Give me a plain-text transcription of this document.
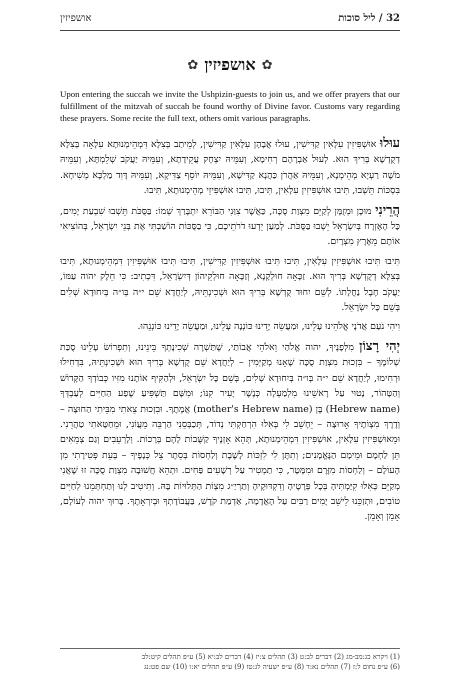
אושפיזין	32 / ליל סוכות
✿ אושפיזין ✿
Upon entering the succah we invite the Ushpizin-guests to join us, and we offer prayers that our fulfillment of the mitzvah of succah be found worthy of Divine favor. Customs vary regarding these prayers. Some recite the full text, others omit various paragraphs.

עוּלוּ אוּשְׁפִּיזִין עִלָּאִין קַדִּישִׁין, עוּלוּ אֲבָהָן עִלָּאִין קַדִּישִׁין, לְמֵיתַב בְּצִלָּא דִּמְהֵימְנוּתָא עִלָּאָה בְּצִלָּא דְקֻדְשָׁא בְּרִיךְ הוּא. לְעוּל אַבְרָהָם רְחִימָא, וְעִמֵּיהּ יִצְחָק עֲקֵידָתָא, וְעִמֵּיהּ יַעֲקֹב שְׁלֵמְתָּא, וְעִמֵּיהּ מֹשֶׁה רַעְיָא מְהֵימְנָא, וְעִמֵּיהּ אַהֲרֹן כַּהֲנָא קַדִּישָׁא, וְעִמֵּיהּ יוֹסֵף צַדִּיקָא, וְעִמֵּיהּ דָּוִד מַלְכָּא מְשִׁיחָא. בִּסְכּוֹת תֵּשְׁבוּ, תִּיבוּ אוּשְׁפִּיזִין עִלָּאִין, תִּיבוּ, תִּיבוּ אוּשְׁפִּיזֵי מְהֵימְנוּתָא, תִּיבוּ.

הֲרֵינִי מוּכָן וּמְזֻמָּן לְקַיֵּם מִצְוַת סֻכָּה, כַּאֲשֶׁר צִוַּנִי הַבּוֹרֵא יִתְבָּרַךְ שְׁמוֹ: בַּסֻּכֹּת תֵּשְׁבוּ שִׁבְעַת יָמִים, כָּל הָאֶזְרָח בְּיִשְׂרָאֵל יֵשְׁבוּ בַּסֻּכֹּת. לְמַעַן יֵדְעוּ דֹרֹתֵיכֶם, כִּי בַסֻּכּוֹת הוֹשַׁבְתִּי אֶת בְּנֵי יִשְׂרָאֵל, בְּהוֹצִיאִי אוֹתָם מֵאֶרֶץ מִצְרָיִם.

תִּיבוּ תִּיבוּ אוּשְׁפִּיזִין עִלָּאִין, תִּיבוּ תִּיבוּ אוּשְׁפִּיזִין קַדִּישִׁין, תִּיבוּ תִּיבוּ אוּשְׁפִּיזִין דִּמְהֵימְנוּתָא, תִּיבוּ בְּצִלָּא דְקֻדְשָׁא בְּרִיךְ הוּא. זַכָּאָה חוּלְקָנָא, וְזַכָּאָה חוּלְקֵיהוֹן דְּיִשְׂרָאֵל, דִּכְתִיב: כִּי חֵלֶק יהוה עַמּוֹ, יַעֲקֹב חֶבֶל נַחֲלָתוֹ. לְשֵׁם יִחוּד קֻדְשָׁא בְּרִיךְ הוּא וּשְׁכִינְתֵּיהּ, לְיַחֲדָא שֵׁם י״ה בְּו״ה בְּיִחוּדָא שְׁלִים בְּשֵׁם כָּל יִשְׂרָאֵל.

וִיהִי נֹעַם אֲדֹנָי אֱלֹהֵינוּ עָלֵינוּ, וּמַעֲשֵׂה יָדֵינוּ כּוֹנְנָה עָלֵינוּ, וּמַעֲשֵׂה יָדֵינוּ כּוֹנְנֵהוּ.

יְהִי רָצוֹן מִלְּפָנֶיךָ, יהוה אֱלֹהַי וֵאלֹהֵי אֲבוֹתַי, שֶׁתַּשְׁרֶה שְׁכִינָתְךָ בֵּינֵינוּ, וְתִפְרוֹשׂ עָלֵינוּ סֻכַּת שְׁלוֹמֶךָ – בִּזְכוּת מִצְוַת סֻכָּה שֶׁאָנוּ מְקַיְּמִין – לְיַחֲדָא שֵׁם קֻדְשָׁא בְּרִיךְ הוּא וּשְׁכִינְתֵּיהּ, בִּדְחִילוּ וּרְחִימוּ, לְיַחֲדָא שֵׁם י״ה בְּו״ה בְּיִחוּדָא שְׁלִים, בְּשֵׁם כָּל יִשְׂרָאֵל, וּלְהַקִּיף אוֹתָנוּ מִזִּיו כְּבוֹדְךָ הַקָּדוֹשׁ וְהַטָּהוֹר, נָטוּי עַל רָאשֵׁינוּ מִלְמַעְלָה כְּנֶשֶׁר יָעִיר קִנּוֹ; וּמִשָּׁם תַּשְׁפִּיעַ שֶׁפַע הַחַיִּים לְעַבְדְּךָ (Hebrew name) בֶּן (mother's Hebrew name) אֲמָתֶךָ. וּבִזְכוּת צֵאתִי מִבֵּיתִי הַחוּצָה – וְדֶרֶךְ מִצְוֹתֶיךָ אָרוּצָה – יֵחָשֵׁב לִי בְּאִלּוּ הִרְחַקְתִּי נְדוֹד, תְּכַבְּסֵנִי הַרְבֵּה מֵעֲוֹנִי, וּמֵחַטָּאתִי טַהֲרֵנִי. וּמֵאוּשְׁפִּיזִין עִלָּאִין, אוּשְׁפִּיזִין דִּמְהֵימְנוּתָא, תְּהֵא אָזְנֶיךָ קַשֻּׁבוֹת לָהֶם בְּרָכוֹת. וְלָרְעֵבִים וְגַם צְמֵאִים תֵּן לַחְמָם וּמֵימָם הַנֶּאֱמָנִים; וְתִתֶּן לִי לִזְכּוֹת לָשֶׁבֶת וְלַחְסוֹת בְּסֵתֶר צֵל כְּנָפֶיךָ – בְּעֵת פְּטִירָתִי מִן הָעוֹלָם – וְלַחְסוֹת מִזֶּרֶם וּמִמָּטָר, כִּי תַמְטִיר עַל רְשָׁעִים פַּחִים. וּתְהֵא חֲשׁוּבָה מִצְוַת סֻכָּה זוּ שֶׁאֲנִי מְקַיֵּם כְּאִלּוּ קִיַּמְתִּיהָ בְּכָל פְּרָטֶיהָ וְדִקְדּוּקֶיהָ וְתַרְיַ״ג מִצְוֹת הַתְּלוּיוֹת בָּהּ. וְתִיטִיב לְנוּ וְתַחְתְּמֵנוּ לְחַיִּים טוֹבִים, וּתְזַכֵּנוּ לֵישֵׁב יָמִים רַבִּים עַל הָאֲדָמָה, אַדְמַת קֹדֶשׁ, בַּעֲבוֹדָתְךָ וּבְיִרְאָתֶךָ. בָּרוּךְ יהוה לְעוֹלָם, אָמֵן וְאָמֵן.

(1) ויקרא כג:מב-מג (2) דברים לב:ט (3) תהלים צ:יז (4) דברים לב:יא (5) ע״פ תהלים קיט:לב
(6) ע״פ נחום ל:ז (7) תהלים נא:ד (8) ע״פ ישעיה לג:טז (9) ע״פ תהלים יא:ו (10) שם פט:נג
